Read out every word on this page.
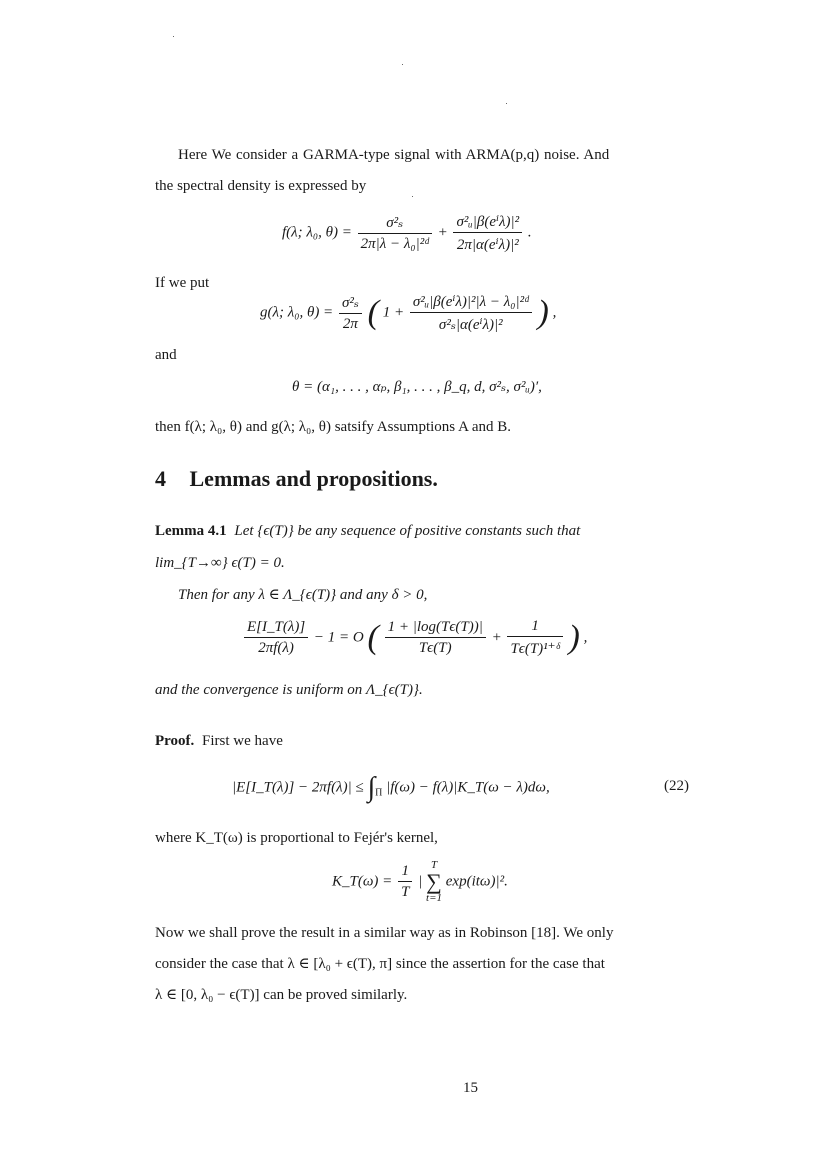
Here We consider a GARMA-type signal with ARMA(p,q) noise. And
the spectral density is expressed by
f(λ; λ₀, $\theta) = \frac{\text{σ²ₛ}}{\text{2π|λ − λ₀|²ᵈ}} + \frac{\text{σ²ᵤ|β(eⁱλ)|²}}{\text{2π|α(eⁱλ)|²}}$ .
If we put
g(λ; λ₀, $\theta) = \frac{\text{σ²ₛ}}{2\pi}$ ( $1 + \frac{\text{σ²ᵤ|β(eⁱλ)|²|λ − λ₀|²ᵈ}}{\text{σ²ₛ|α(eⁱλ)|²}}$ ) ,
and
θ = (α₁, . . . , αₚ, β₁, . . . , β_q, d, σ²ₛ, σ²ᵤ)′,
then f(λ; λ₀, θ) and g(λ; λ₀, θ) satsify Assumptions A and B.
4 Lemmas and propositions.
Lemma 4.1 Let {ϵ(T)} be any sequence of positive constants such that
lim_{T→∞} ϵ(T) = 0.
Then for any λ ∈ Λ_{ϵ(T)} and any δ > 0,
$\frac{E[I\_T(\lambda)]}{2\pi f(\lambda)} - 1 = O$ ( $\frac{1 + |\log(T\epsilon(T))|}{T\epsilon(T)} + \frac{1}{\text{Tϵ(T)¹⁺ᵟ}}$ ) ,
and the convergence is uniform on Λ_{ϵ(T)}.
Proof. First we have
|E[I_T(λ)] − $2\pi f(\lambda)| \le \int_\Pi$ |f(ω) − f(λ)|K_T(ω − λ)dω,	(22)
where K_T(ω) is proportional to Fejér's kernel,
K_T(ω) = $\frac{1}{T}$ | T
∑
t=1 exp(itω)|².
Now we shall prove the result in a similar way as in Robinson [18]. We only
consider the case that λ ∈ [λ₀ + ϵ(T), π] since the assertion for the case that
λ ∈ [0, λ₀ − ϵ(T)] can be proved similarly.
15
